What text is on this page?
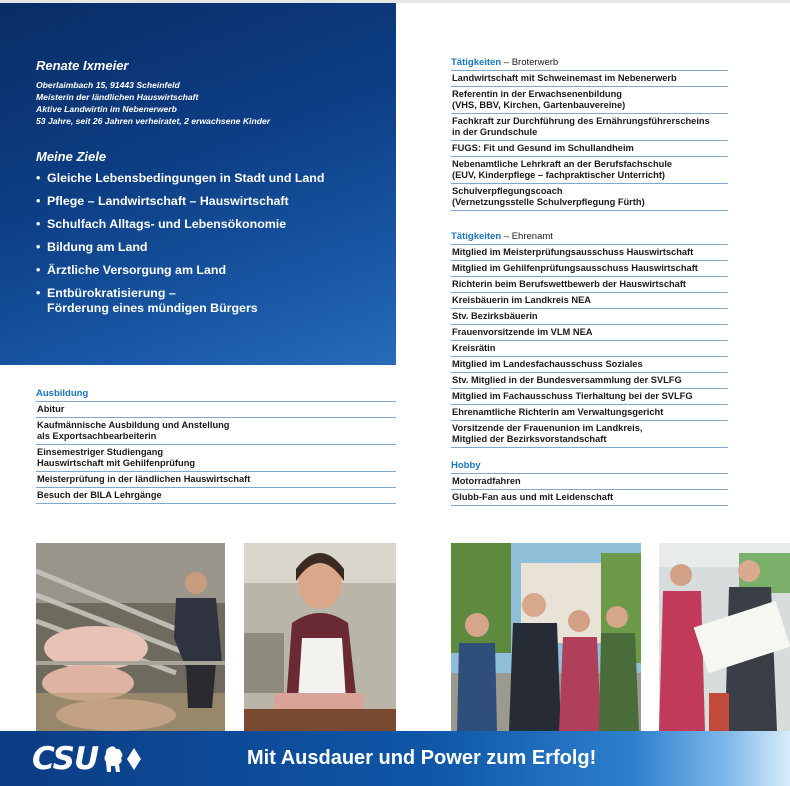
Renate Ixmeier
Oberlaimbach 15, 91443 Scheinfeld
Meisterin der ländlichen Hauswirtschaft
Aktive Landwirtin im Nebenerwerb
53 Jahre, seit 26 Jahren verheiratet, 2 erwachsene Kinder
Meine Ziele
• Gleiche Lebensbedingungen in Stadt und Land
• Pflege – Landwirtschaft – Hauswirtschaft
• Schulfach Alltags- und Lebensökonomie
• Bildung am Land
• Ärztliche Versorgung am Land
• Entbürokratisierung –
Förderung eines mündigen Bürgers
Ausbildung
Abitur
Kaufmännische Ausbildung und Anstellung
als Exportsachbearbeiterin
Einsemestriger Studiengang
Hauswirtschaft mit Gehilfenprüfung
Meisterprüfung in der ländlichen Hauswirtschaft
Besuch der BILA Lehrgänge
Tätigkeiten – Broterwerb
Landwirtschaft mit Schweinemast im Nebenerwerb
Referentin in der Erwachsenenbildung
(VHS, BBV, Kirchen, Gartenbauvereine)
Fachkraft zur Durchführung des Ernährungsführerscheins
in der Grundschule
FUGS: Fit und Gesund im Schullandheim
Nebenamtliche Lehrkraft an der Berufsfachschule
(EUV, Kinderpflege – fachpraktischer Unterricht)
Schulverpflegungscoach
(Vernetzungsstelle Schulverpflegung Fürth)
Tätigkeiten – Ehrenamt
Mitglied im Meisterprüfungsausschuss Hauswirtschaft
Mitglied im Gehilfenprüfungsausschuss Hauswirtschaft
Richterin beim Berufswettbewerb der Hauswirtschaft
Kreisbäuerin im Landkreis NEA
Stv. Bezirksbäuerin
Frauenvorsitzende im VLM NEA
Kreisrätin
Mitglied im Landesfachausschuss Soziales
Stv. Mitglied in der Bundesversammlung der SVLFG
Mitglied im Fachausschuss Tierhaltung bei der SVLFG
Ehrenamtliche Richterin am Verwaltungsgericht
Vorsitzende der Frauenunion im Landkreis,
Mitglied der Bezirksvorstandschaft
Hobby
Motorradfahren
Glubb-Fan aus und mit Leidenschaft
CSU	Mit Ausdauer und Power zum Erfolg!
